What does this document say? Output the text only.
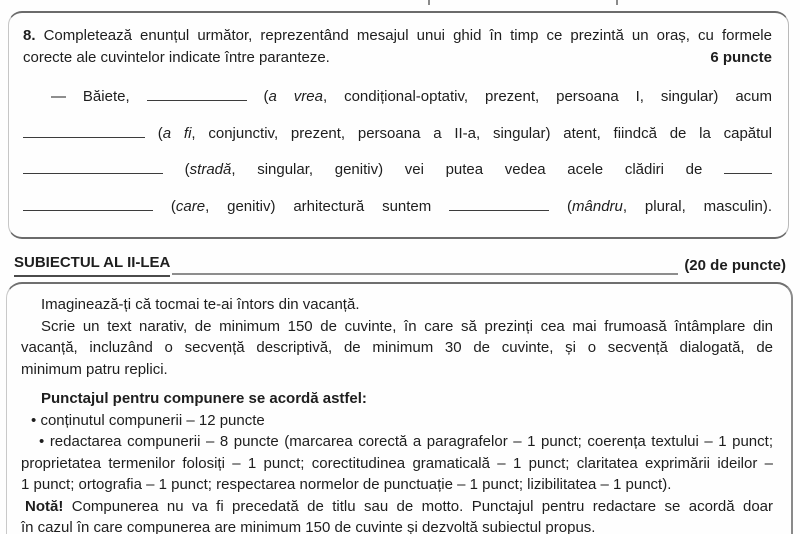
8. Completează enunțul următor, reprezentând mesajul unui ghid în timp ce prezintă un oraș, cu formele
corecte ale cuvintelor indicate între paranteze.	6 puncte
— Băiete,	(a vrea, condițional-optativ, prezent, persoana I, singular) acum
(a fi, conjunctiv, prezent, persoana a II-a, singular) atent, fiindcă de la capătul
(stradă, singular, genitiv) vei putea vedea acele clădiri de
(care, genitiv) arhitectură suntem	(mândru, plural, masculin).
SUBIECTUL AL II-LEA	(20 de puncte)
Imaginează-ți că tocmai te-ai întors din vacanță.
Scrie un text narativ, de minimum 150 de cuvinte, în care să prezinți cea mai frumoasă întâmplare din
vacanță, incluzând o secvență descriptivă, de minimum 30 de cuvinte, și o secvență dialogată, de
minimum patru replici.
Punctajul pentru compunere se acordă astfel:
• conținutul compunerii – 12 puncte
• redactarea compunerii – 8 puncte (marcarea corectă a paragrafelor – 1 punct; coerența textului – 1 punct;
proprietatea termenilor folosiți – 1 punct; corectitudinea gramaticală – 1 punct; claritatea exprimării ideilor –
1 punct; ortografia – 1 punct; respectarea normelor de punctuație – 1 punct; lizibilitatea – 1 punct).
Notă! Compunerea nu va fi precedată de titlu sau de motto. Punctajul pentru redactare se acordă doar
în cazul în care compunerea are minimum 150 de cuvinte și dezvoltă subiectul propus.
